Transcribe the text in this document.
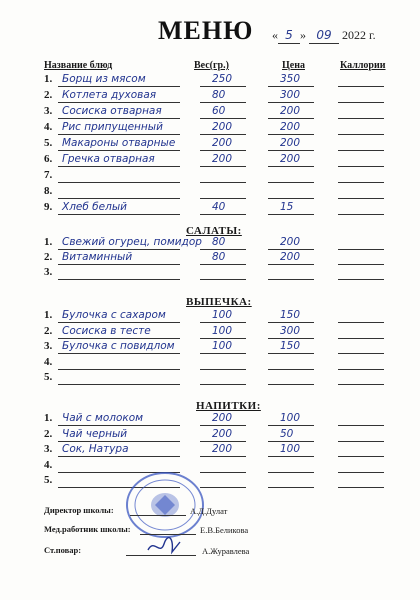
МЕНЮ « 5 » 09 2022 г.
Название блюд	Вес(гр.)	Цена	Каллории
1. Борщ из мясом	250	350
2. Котлета духовая	80	300
3. Сосиска отварная	60	200
4. Рис припущенный	200	200
5. Макароны отварные	200	200
6. Гречка отварная	200	200
7.
8.
9. Хлеб белый	40	15
САЛАТЫ:
1. Свежий огурец, помидор 80	200
2. Витаминный	80	200
3.
ВЫПЕЧКА:
1. Булочка с сахаром	100	150
2. Сосиска в тесте	100	300
3. Булочка с повидлом	100	150
4.
5.
НАПИТКИ:
1. Чай с молоком	200	100
2. Чай черный	200	50
3. Сок, Натура	200	100
4.
5.
Директор школы:	А.Д.Дулат
Мед.работник школы:	Е.В.Беликова
Ст.повар:	А.Журавлева
